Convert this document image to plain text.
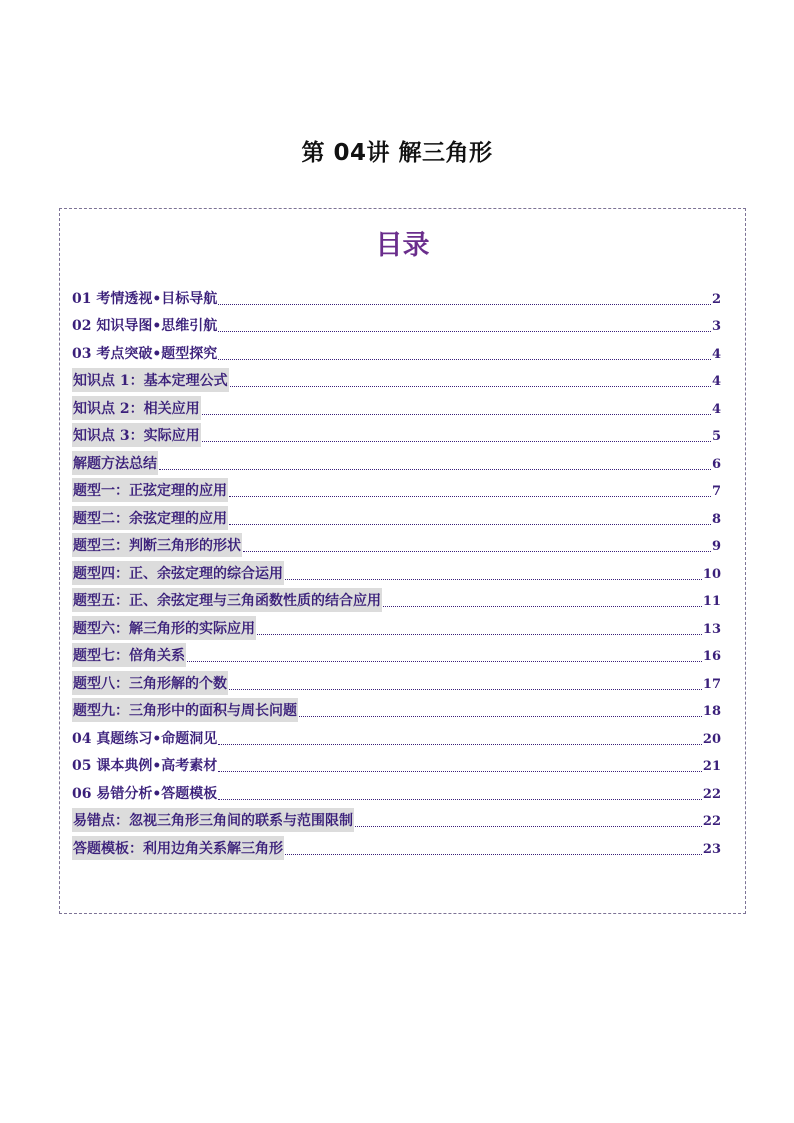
第 04讲 解三角形
目录
01 考情透视•目标导航	2
02 知识导图•思维引航	3
03 考点突破•题型探究	4
知识点 1：基本定理公式	4
知识点 2：相关应用	4
知识点 3：实际应用	5
解题方法总结	6
题型一：正弦定理的应用	7
题型二：余弦定理的应用	8
题型三：判断三角形的形状	9
题型四：正、余弦定理的综合运用	10
题型五：正、余弦定理与三角函数性质的结合应用	11
题型六：解三角形的实际应用	13
题型七：倍角关系	16
题型八：三角形解的个数	17
题型九：三角形中的面积与周长问题	18
04 真题练习•命题洞见	20
05 课本典例•高考素材	21
06 易错分析•答题模板	22
易错点：忽视三角形三角间的联系与范围限制	22
答题模板：利用边角关系解三角形	23
